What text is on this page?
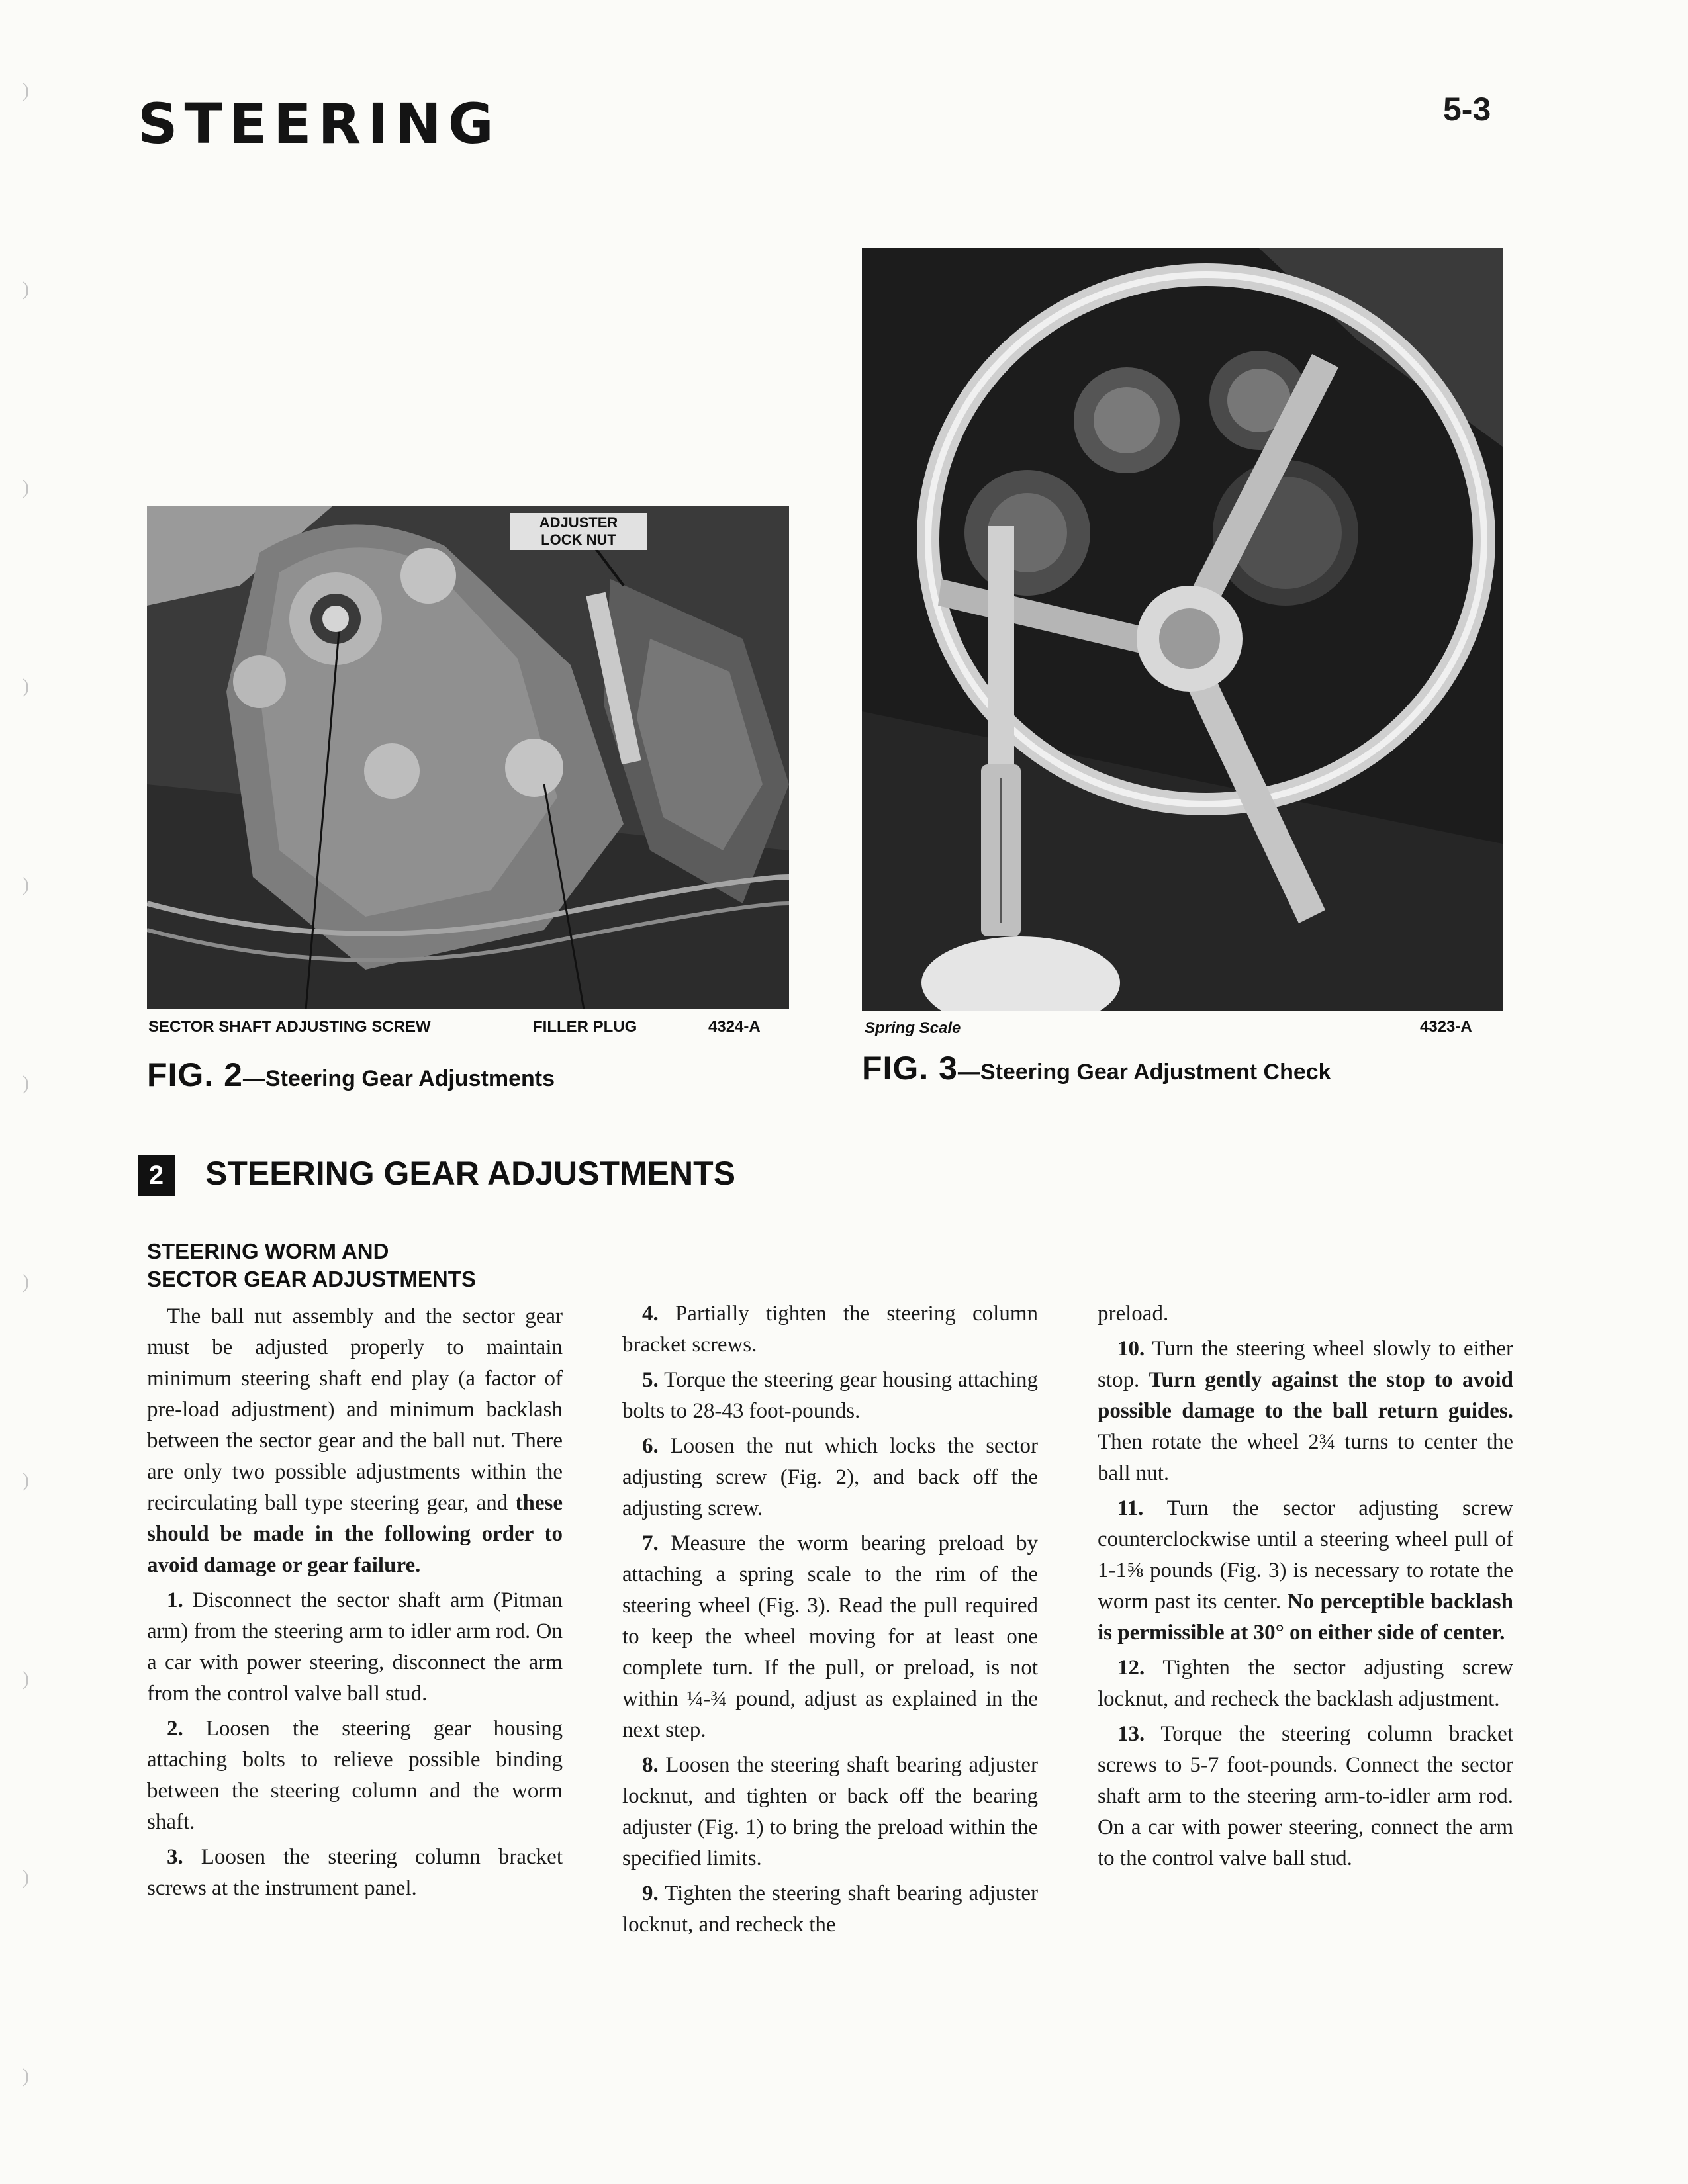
)
)
)
)
)
)
)
)
)
)
)
STEERING	5-3
ADJUSTER
LOCK NUT
SECTOR SHAFT ADJUSTING SCREW	FILLER PLUG	4324-A
FIG. 2—Steering Gear Adjustments
Spring Scale	4323-A
FIG. 3—Steering Gear Adjustment Check
2	STEERING GEAR ADJUSTMENTS
STEERING WORM AND
SECTOR GEAR ADJUSTMENTS

The ball nut assembly and the sector gear must be adjusted properly to maintain minimum steering shaft end play (a factor of pre-load adjustment) and minimum backlash between the sector gear and the ball nut. There are only two possible adjustments within the recirculating ball type steering gear, and these should be made in the following order to avoid damage or gear failure.

1. Disconnect the sector shaft arm (Pitman arm) from the steering arm to idler arm rod. On a car with power steering, disconnect the arm from the control valve ball stud.

2. Loosen the steering gear housing attaching bolts to relieve possible binding between the steering column and the worm shaft.

3. Loosen the steering column bracket screws at the instrument panel.

4. Partially tighten the steering column bracket screws.

5. Torque the steering gear housing attaching bolts to 28-43 foot-pounds.

6. Loosen the nut which locks the sector adjusting screw (Fig. 2), and back off the adjusting screw.

7. Measure the worm bearing preload by attaching a spring scale to the rim of the steering wheel (Fig. 3). Read the pull required to keep the wheel moving for at least one complete turn. If the pull, or preload, is not within ¼-¾ pound, adjust as explained in the next step.

8. Loosen the steering shaft bearing adjuster locknut, and tighten or back off the bearing adjuster (Fig. 1) to bring the preload within the specified limits.

9. Tighten the steering shaft bearing adjuster locknut, and recheck the

preload.

10. Turn the steering wheel slowly to either stop. Turn gently against the stop to avoid possible damage to the ball return guides. Then rotate the wheel 2¾ turns to center the ball nut.

11. Turn the sector adjusting screw counterclockwise until a steering wheel pull of 1-1⅝ pounds (Fig. 3) is necessary to rotate the worm past its center. No perceptible backlash is permissible at 30° on either side of center.

12. Tighten the sector adjusting screw locknut, and recheck the backlash adjustment.

13. Torque the steering column bracket screws to 5-7 foot-pounds. Connect the sector shaft arm to the steering arm-to-idler arm rod. On a car with power steering, connect the arm to the control valve ball stud.
